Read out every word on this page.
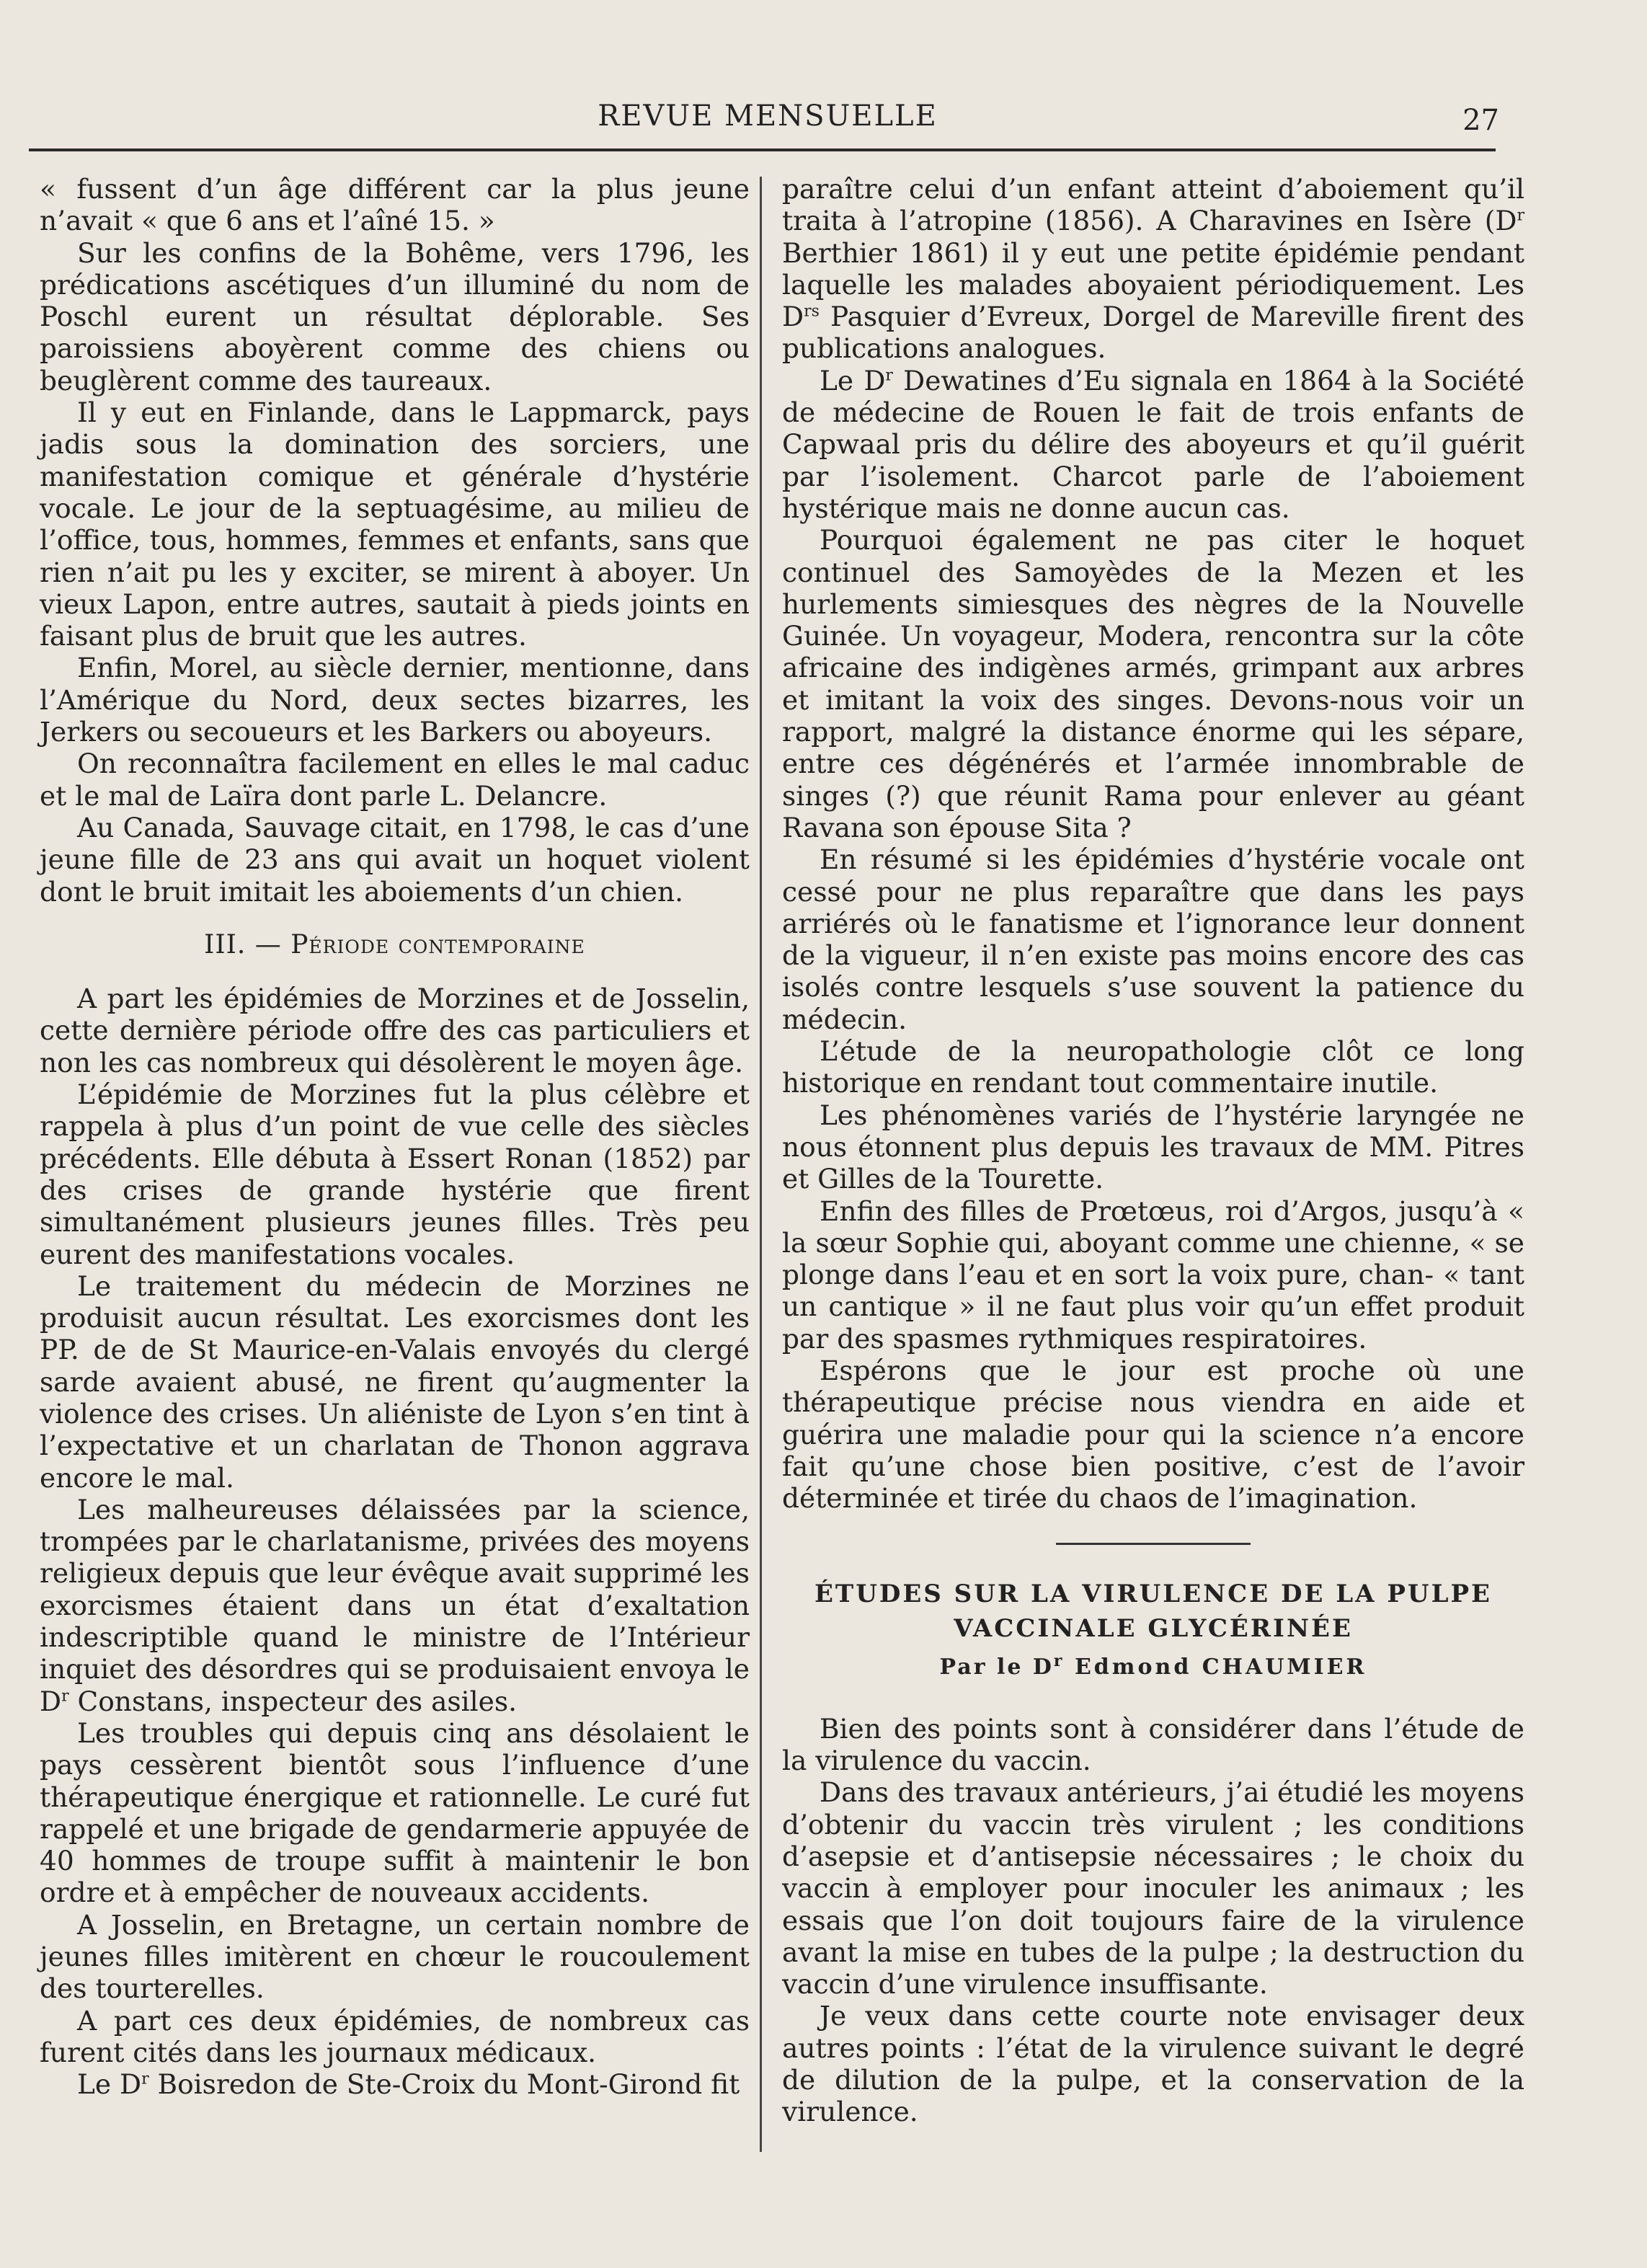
REVUE MENSUELLE	27

« fussent d’un âge différent car la plus jeune n’avait « que 6 ans et l’aîné 15. »

Sur les confins de la Bohême, vers 1796, les prédications ascétiques d’un illuminé du nom de Poschl eurent un résultat déplorable. Ses paroissiens aboyèrent comme des chiens ou beuglèrent comme des taureaux.

Il y eut en Finlande, dans le Lappmarck, pays jadis sous la domination des sorciers, une manifestation comique et générale d’hystérie vocale. Le jour de la septuagésime, au milieu de l’office, tous, hommes, femmes et enfants, sans que rien n’ait pu les y exciter, se mirent à aboyer. Un vieux Lapon, entre autres, sautait à pieds joints en faisant plus de bruit que les autres.

Enfin, Morel, au siècle dernier, mentionne, dans l’Amérique du Nord, deux sectes bizarres, les Jerkers ou secoueurs et les Barkers ou aboyeurs.

On reconnaîtra facilement en elles le mal caduc et le mal de Laïra dont parle L. Delancre.

Au Canada, Sauvage citait, en 1798, le cas d’une jeune fille de 23 ans qui avait un hoquet violent dont le bruit imitait les aboiements d’un chien.

III. — Période contemporaine

A part les épidémies de Morzines et de Josselin, cette dernière période offre des cas particuliers et non les cas nombreux qui désolèrent le moyen âge.

L’épidémie de Morzines fut la plus célèbre et rappela à plus d’un point de vue celle des siècles précédents. Elle débuta à Essert Ronan (1852) par des crises de grande hystérie que firent simultanément plusieurs jeunes filles. Très peu eurent des manifestations vocales.

Le traitement du médecin de Morzines ne produisit aucun résultat. Les exorcismes dont les PP. de de St Maurice-en-Valais envoyés du clergé sarde avaient abusé, ne firent qu’augmenter la violence des crises. Un aliéniste de Lyon s’en tint à l’expectative et un charlatan de Thonon aggrava encore le mal.

Les malheureuses délaissées par la science, trompées par le charlatanisme, privées des moyens religieux depuis que leur évêque avait supprimé les exorcismes étaient dans un état d’exaltation indescriptible quand le ministre de l’Intérieur inquiet des désordres qui se produisaient envoya le $D^r$ Constans, inspecteur des asiles.

Les troubles qui depuis cinq ans désolaient le pays cessèrent bientôt sous l’influence d’une thérapeutique énergique et rationnelle. Le curé fut rappelé et une brigade de gendarmerie appuyée de 40 hommes de troupe suffit à maintenir le bon ordre et à empêcher de nouveaux accidents.

A Josselin, en Bretagne, un certain nombre de jeunes filles imitèrent en chœur le roucoulement des tourterelles.

A part ces deux épidémies, de nombreux cas furent cités dans les journaux médicaux.

Le $D^r$ Boisredon de Ste-Croix du Mont-Girond fit

paraître celui d’un enfant atteint d’aboiement qu’il traita à l’atropine (1856). A Charavines en Isère ($D^r$ Berthier 1861) il y eut une petite épidémie pendant laquelle les malades aboyaient périodiquement. Les $D^{rs}$ Pasquier d’Evreux, Dorgel de Mareville firent des publications analogues.

Le $D^r$ Dewatines d’Eu signala en 1864 à la Société de médecine de Rouen le fait de trois enfants de Capwaal pris du délire des aboyeurs et qu’il guérit par l’isolement. Charcot parle de l’aboiement hystérique mais ne donne aucun cas.

Pourquoi également ne pas citer le hoquet continuel des Samoyèdes de la Mezen et les hurlements simiesques des nègres de la Nouvelle Guinée. Un voyageur, Modera, rencontra sur la côte africaine des indigènes armés, grimpant aux arbres et imitant la voix des singes. Devons-nous voir un rapport, malgré la distance énorme qui les sépare, entre ces dégénérés et l’armée innombrable de singes (?) que réunit Rama pour enlever au géant Ravana son épouse Sita ?

En résumé si les épidémies d’hystérie vocale ont cessé pour ne plus reparaître que dans les pays arriérés où le fanatisme et l’ignorance leur donnent de la vigueur, il n’en existe pas moins encore des cas isolés contre lesquels s’use souvent la patience du médecin.

L’étude de la neuropathologie clôt ce long historique en rendant tout commentaire inutile.

Les phénomènes variés de l’hystérie laryngée ne nous étonnent plus depuis les travaux de MM. Pitres et Gilles de la Tourette.

Enfin des filles de Prœtœus, roi d’Argos, jusqu’à « la sœur Sophie qui, aboyant comme une chienne, « se plonge dans l’eau et en sort la voix pure, chan- « tant un cantique » il ne faut plus voir qu’un effet produit par des spasmes rythmiques respiratoires.

Espérons que le jour est proche où une thérapeutique précise nous viendra en aide et guérira une maladie pour qui la science n’a encore fait qu’une chose bien positive, c’est de l’avoir déterminée et tirée du chaos de l’imagination.

ÉTUDES SUR LA VIRULENCE DE LA PULPE

VACCINALE GLYCÉRINÉE

Par le $D^r$ Edmond CHAUMIER

Bien des points sont à considérer dans l’étude de la virulence du vaccin.

Dans des travaux antérieurs, j’ai étudié les moyens d’obtenir du vaccin très virulent ; les conditions d’asepsie et d’antisepsie nécessaires ; le choix du vaccin à employer pour inoculer les animaux ; les essais que l’on doit toujours faire de la virulence avant la mise en tubes de la pulpe ; la destruction du vaccin d’une virulence insuffisante.

Je veux dans cette courte note envisager deux autres points : l’état de la virulence suivant le degré de dilution de la pulpe, et la conservation de la virulence.
